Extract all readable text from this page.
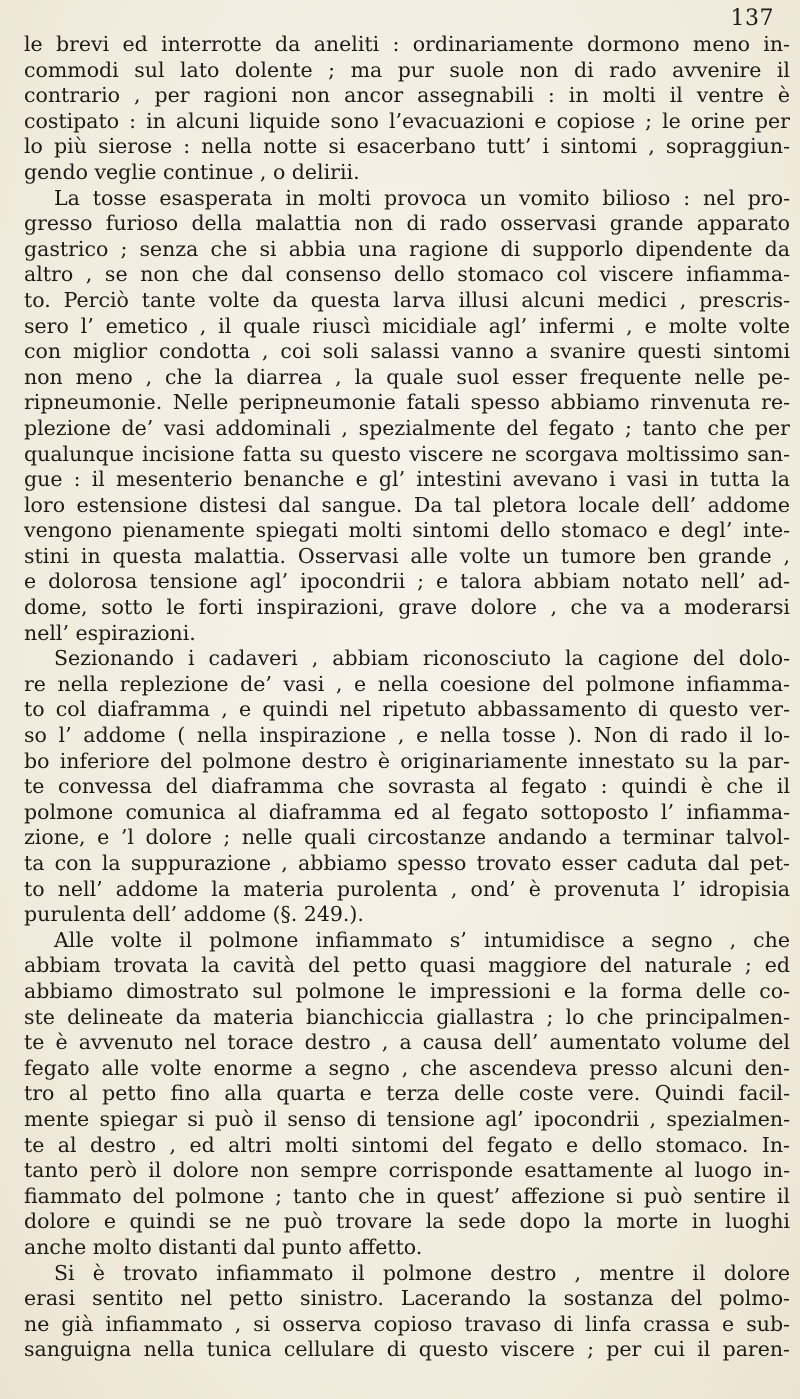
137
le brevi ed interrotte da aneliti : ordinariamente dormono meno in-
commodi sul lato dolente ; ma pur suole non di rado avvenire il
contrario , per ragioni non ancor assegnabili : in molti il ventre è
costipato : in alcuni liquide sono l’evacuazioni e copiose ; le orine per
lo più sierose : nella notte si esacerbano tutt’ i sintomi , sopraggiun-
gendo veglie continue , o delirii.
La tosse esasperata in molti provoca un vomito bilioso : nel pro-
gresso furioso della malattia non di rado osservasi grande apparato
gastrico ; senza che si abbia una ragione di supporlo dipendente da
altro , se non che dal consenso dello stomaco col viscere infiamma-
to. Perciò tante volte da questa larva illusi alcuni medici , prescris-
sero l’ emetico , il quale riuscì micidiale agl’ infermi , e molte volte
con miglior condotta , coi soli salassi vanno a svanire questi sintomi
non meno , che la diarrea , la quale suol esser frequente nelle pe-
ripneumonie. Nelle peripneumonie fatali spesso abbiamo rinvenuta re-
plezione de’ vasi addominali , spezialmente del fegato ; tanto che per
qualunque incisione fatta su questo viscere ne scorgava moltissimo san-
gue : il mesenterio benanche e gl’ intestini avevano i vasi in tutta la
loro estensione distesi dal sangue. Da tal pletora locale dell’ addome
vengono pienamente spiegati molti sintomi dello stomaco e degl’ inte-
stini in questa malattia. Osservasi alle volte un tumore ben grande ,
e dolorosa tensione agl’ ipocondrii ; e talora abbiam notato nell’ ad-
dome, sotto le forti inspirazioni, grave dolore , che va a moderarsi
nell’ espirazioni.
Sezionando i cadaveri , abbiam riconosciuto la cagione del dolo-
re nella replezione de’ vasi , e nella coesione del polmone infiamma-
to col diaframma , e quindi nel ripetuto abbassamento di questo ver-
so l’ addome ( nella inspirazione , e nella tosse ). Non di rado il lo-
bo inferiore del polmone destro è originariamente innestato su la par-
te convessa del diaframma che sovrasta al fegato : quindi è che il
polmone comunica al diaframma ed al fegato sottoposto l’ infiamma-
zione, e ’l dolore ; nelle quali circostanze andando a terminar talvol-
ta con la suppurazione , abbiamo spesso trovato esser caduta dal pet-
to nell’ addome la materia purolenta , ond’ è provenuta l’ idropisia
purulenta dell’ addome (§. 249.).
Alle volte il polmone infiammato s’ intumidisce a segno , che
abbiam trovata la cavità del petto quasi maggiore del naturale ; ed
abbiamo dimostrato sul polmone le impressioni e la forma delle co-
ste delineate da materia bianchiccia giallastra ; lo che principalmen-
te è avvenuto nel torace destro , a causa dell’ aumentato volume del
fegato alle volte enorme a segno , che ascendeva presso alcuni den-
tro al petto fino alla quarta e terza delle coste vere. Quindi facil-
mente spiegar si può il senso di tensione agl’ ipocondrii , spezialmen-
te al destro , ed altri molti sintomi del fegato e dello stomaco. In-
tanto però il dolore non sempre corrisponde esattamente al luogo in-
fiammato del polmone ; tanto che in quest’ affezione si può sentire il
dolore e quindi se ne può trovare la sede dopo la morte in luoghi
anche molto distanti dal punto affetto.
Si è trovato infiammato il polmone destro , mentre il dolore
erasi sentito nel petto sinistro. Lacerando la sostanza del polmo-
ne già infiammato , si osserva copioso travaso di linfa crassa e sub-
sanguigna nella tunica cellulare di questo viscere ; per cui il paren-
